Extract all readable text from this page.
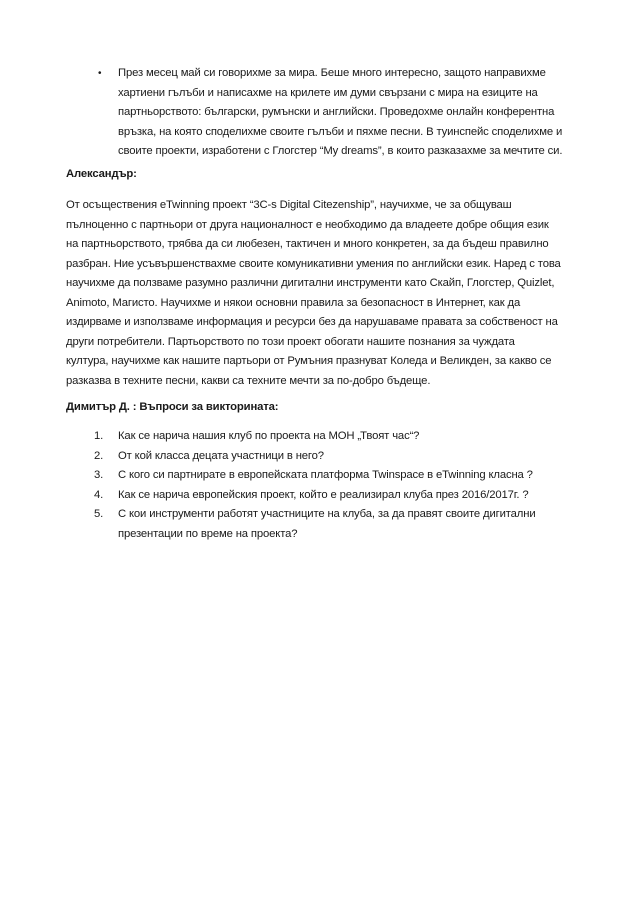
•	През месец май си говорихме за мира. Беше много интересно, защото направихме
хартиени гълъби и написахме на крилете им думи свързани с мира на езиците на
партньорството: български, румънски и английски. Проведохме онлайн конферентна
връзка, на която споделихме своите гълъби и пяхме песни. В туинспейс споделихме и
своите проекти, изработени с Глогстер “My dreams”, в които разказахме за мечтите си.
Александър:
От осъществения eTwinning проект “3C-s Digital Citezenship”, научихме, че за общуваш
пълноценно с партньори от друга националност е необходимо да владеете добре общия език
на партньорството, трябва да си любезен, тактичен и много конкретен, за да бъдеш правилно
разбран. Ние усъвършенствахме своите комуникативни умения по английски език. Наред с това
научихме да ползваме разумно различни дигитални инструменти като Скайп, Глогстер, Quizlet,
Animoto, Магисто. Научихме и някои основни правила за безопасност в Интернет, как да
издирваме и използваме информация и ресурси без да нарушаваме правата за собственост на
други потребители. Партьорството по този проект обогати нашите познания за чуждата
култура, научихме как нашите партьори от Румъния празнуват Коледа и Великден, за какво се
разказва в техните песни, какви са техните мечти за по-добро бъдеще.
Димитър Д. : Въпроси за викторината:
1.	Как се нарича нашия клуб по проекта на МОН „Твоят час“?
2.	От кой класса децата участници в него?
3.	С кого си партнирате в европейската платформа Twinspace в eTwinning класна ?
4.	Как се нарича европейския проект, който е реализирал клуба през 2016/2017г. ?
5.	С кои инструменти работят участниците на клуба, за да правят своите дигитални
презентации по време на проекта?
